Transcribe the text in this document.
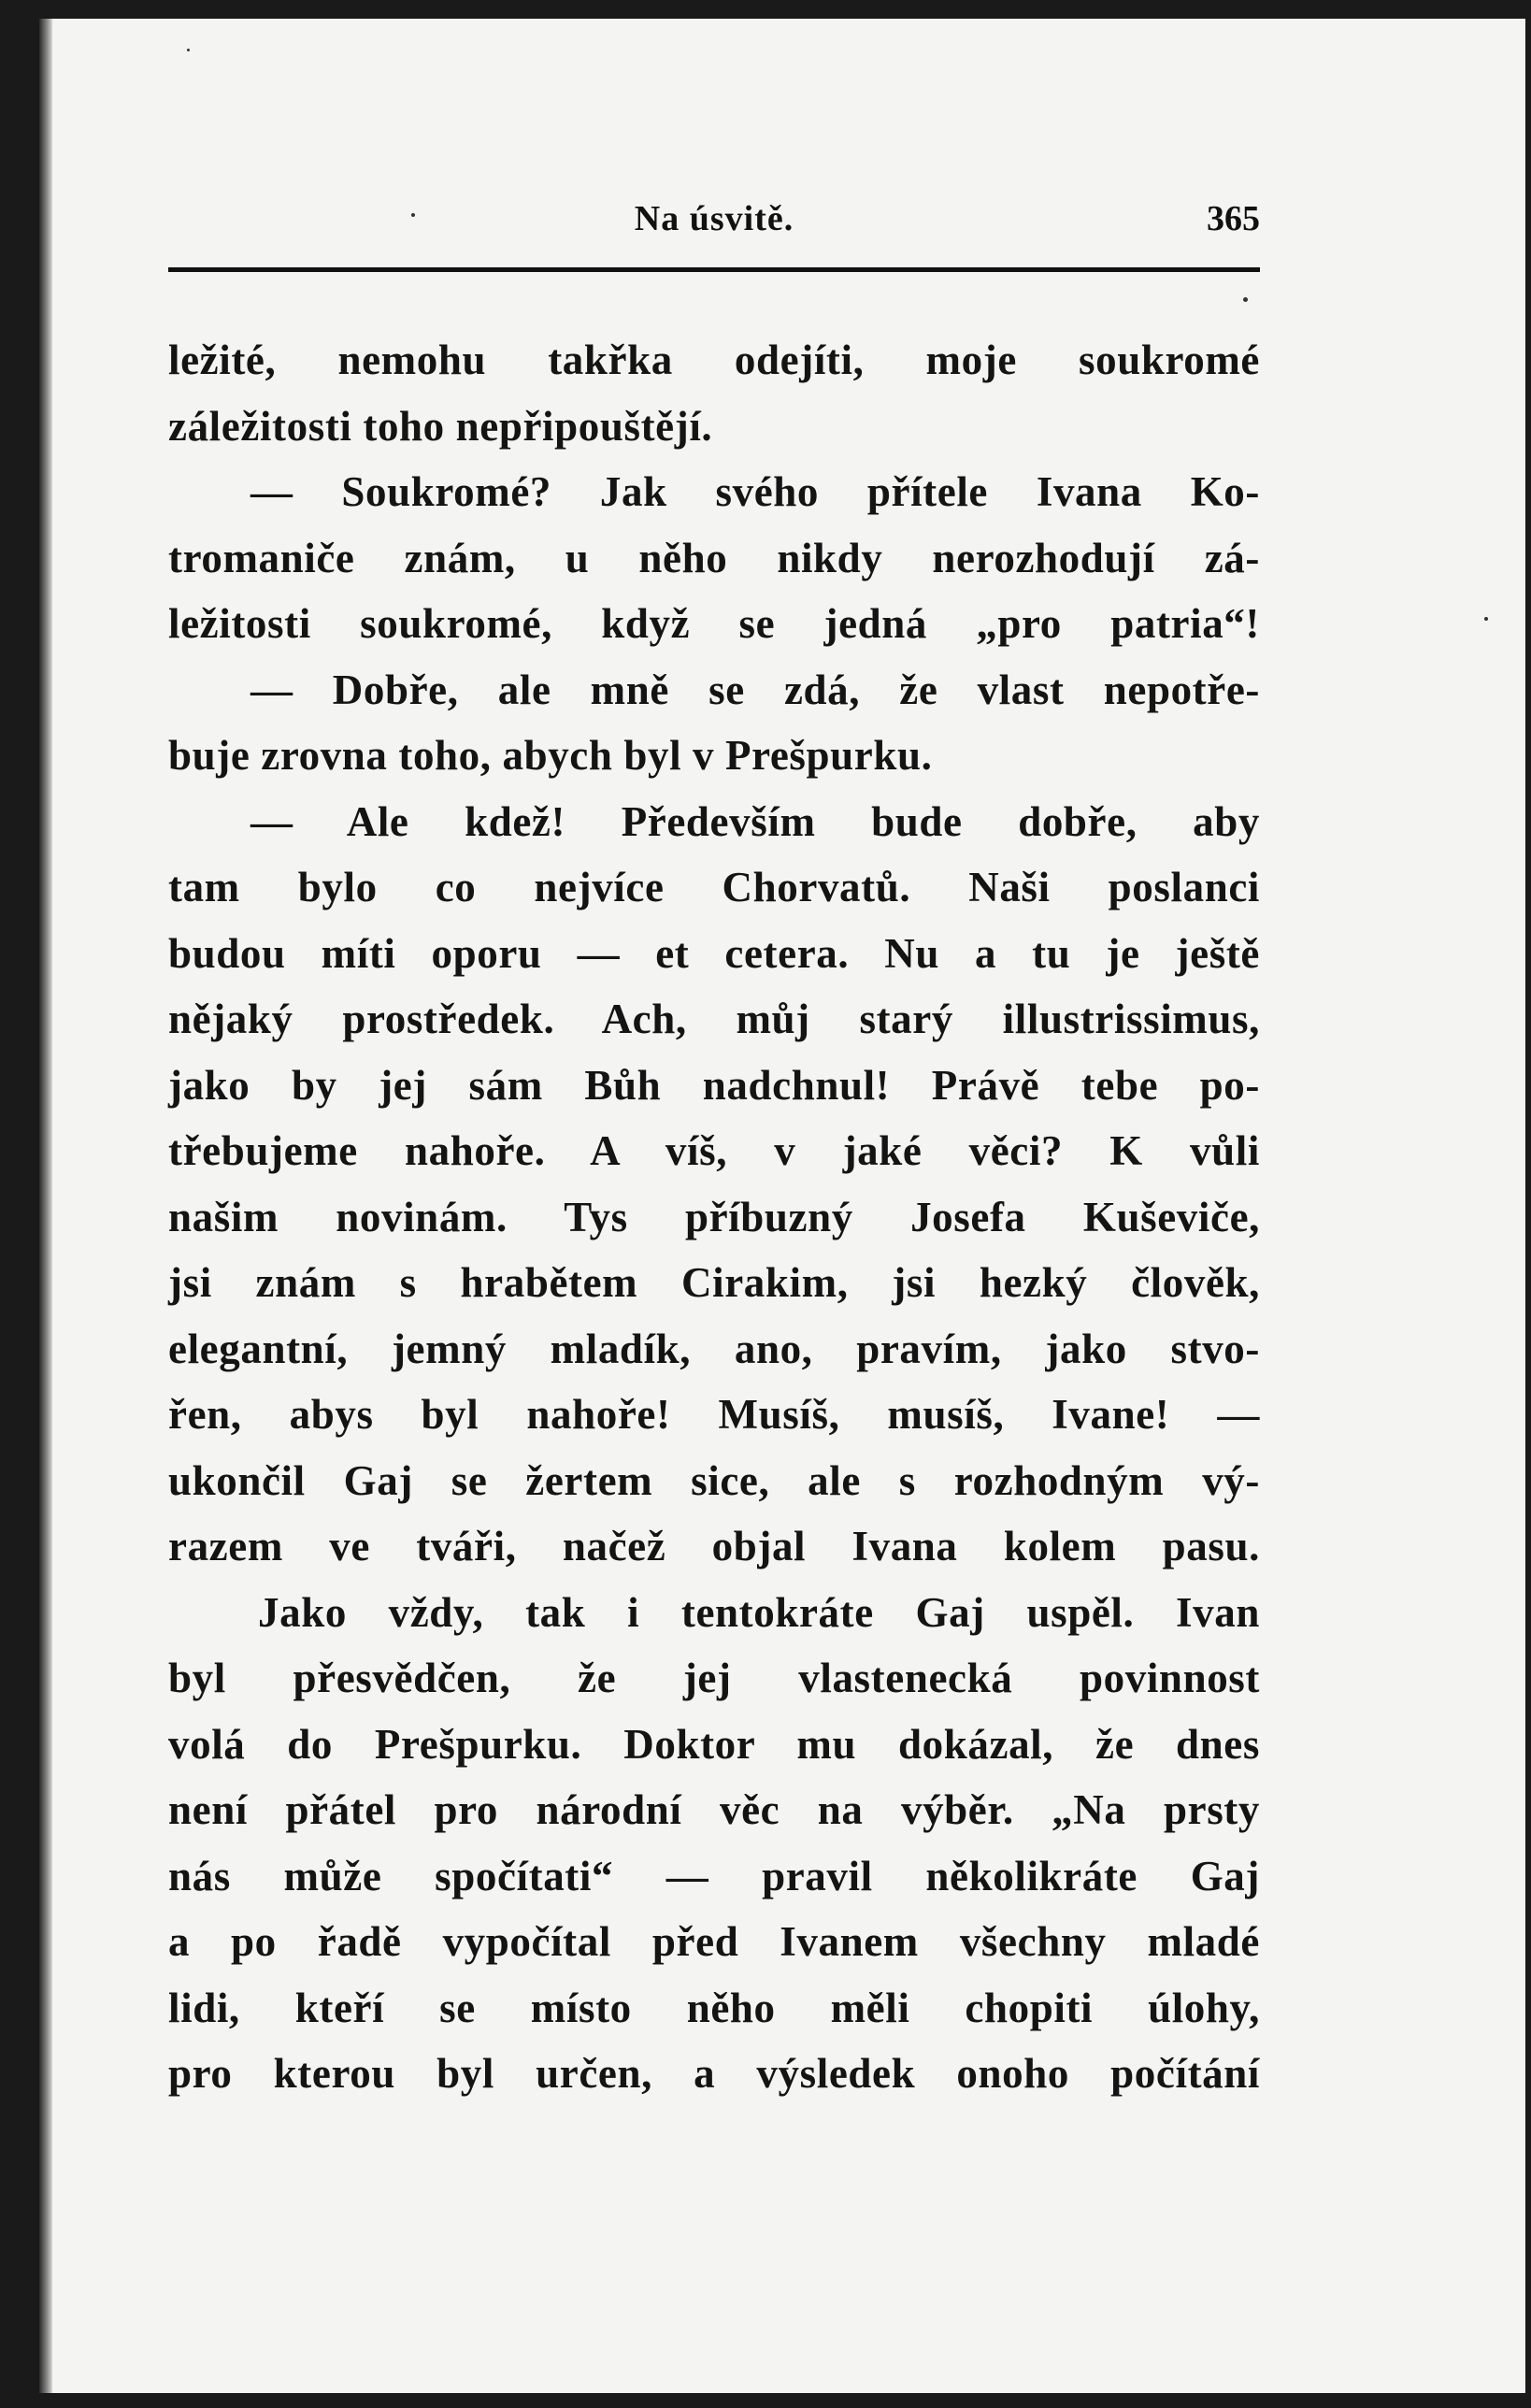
Na úsvitě.	365
ležité, nemohu takřka odejíti, moje soukromé
záležitosti toho nepřipouštějí.
— Soukromé? Jak svého přítele Ivana Ko-
tromaniče znám, u něho nikdy nerozhodují zá-
ležitosti soukromé, když se jedná „pro patria“!
— Dobře, ale mně se zdá, že vlast nepotře-
buje zrovna toho, abych byl v Prešpurku.
— Ale kdež! Především bude dobře, aby
tam bylo co nejvíce Chorvatů. Naši poslanci
budou míti oporu — et cetera. Nu a tu je ještě
nějaký prostředek. Ach, můj starý illustrissimus,
jako by jej sám Bůh nadchnul! Právě tebe po-
třebujeme nahoře. A víš, v jaké věci? K vůli
našim novinám. Tys příbuzný Josefa Kuševiče,
jsi znám s hrabětem Cirakim, jsi hezký člověk,
elegantní, jemný mladík, ano, pravím, jako stvo-
řen, abys byl nahoře! Musíš, musíš, Ivane! —
ukončil Gaj se žertem sice, ale s rozhodným vý-
razem ve tváři, načež objal Ivana kolem pasu.
Jako vždy, tak i tentokráte Gaj uspěl. Ivan
byl přesvědčen, že jej vlastenecká povinnost
volá do Prešpurku. Doktor mu dokázal, že dnes
není přátel pro národní věc na výběr. „Na prsty
nás může spočítati“ — pravil několikráte Gaj
a po řadě vypočítal před Ivanem všechny mladé
lidi, kteří se místo něho měli chopiti úlohy,
pro kterou byl určen, a výsledek onoho počítání
